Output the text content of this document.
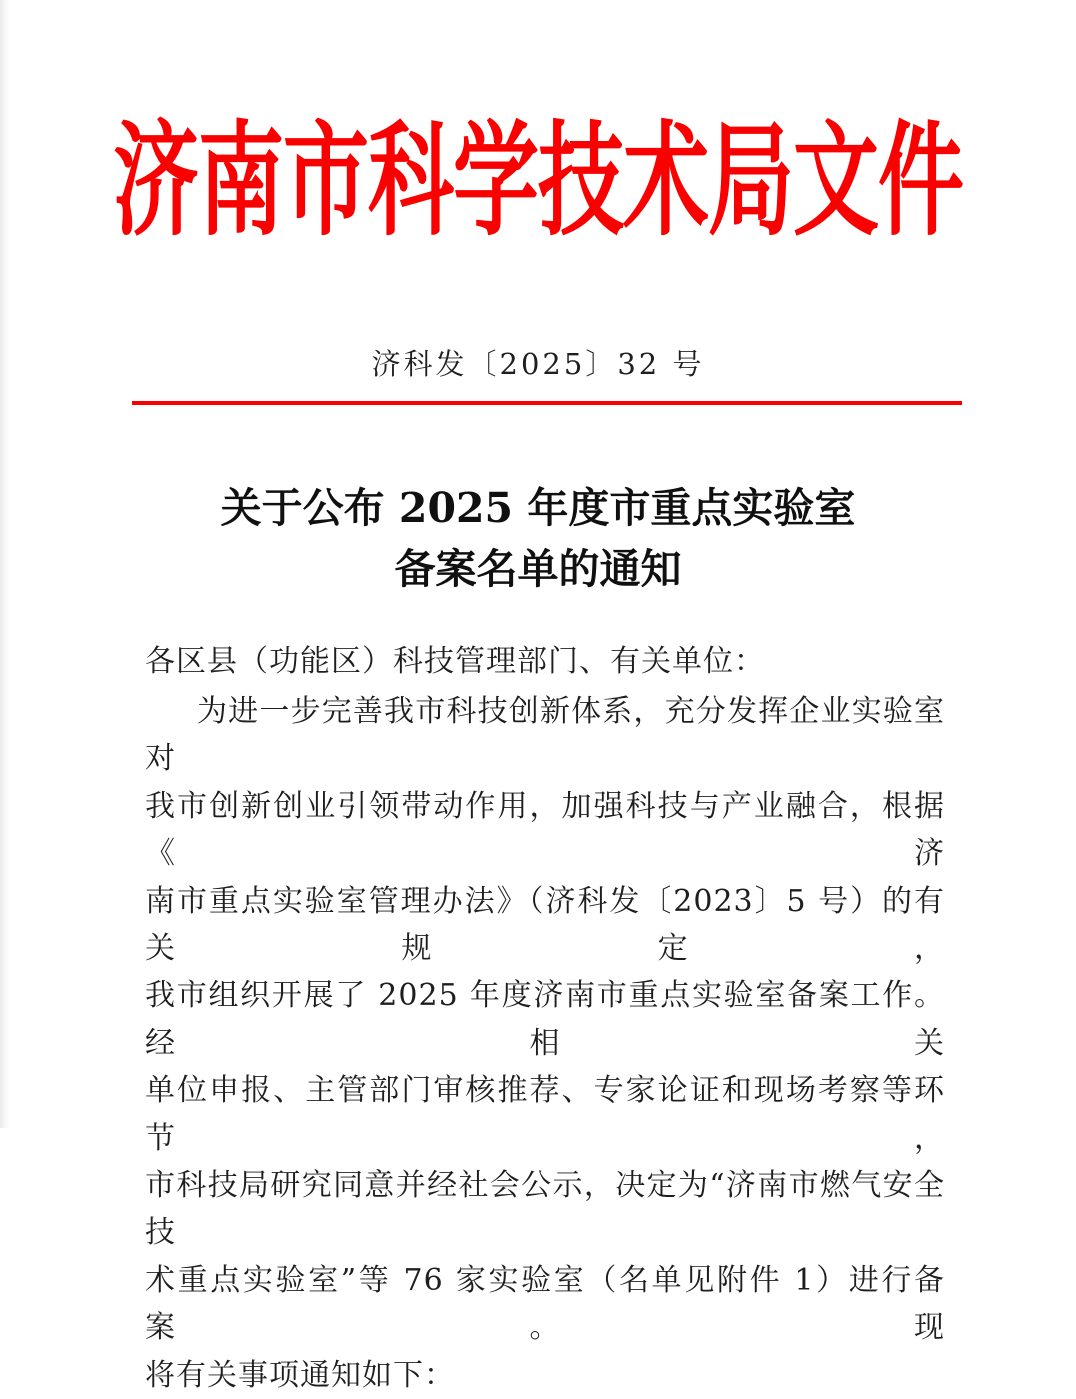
济南市科学技术局文件
济科发〔2025〕32 号
关于公布 2025 年度市重点实验室
备案名单的通知
各区县（功能区）科技管理部门、有关单位：
为进一步完善我市科技创新体系，充分发挥企业实验室对
我市创新创业引领带动作用，加强科技与产业融合，根据《济
南市重点实验室管理办法》（济科发〔2023〕5 号）的有关规定，
我市组织开展了 2025 年度济南市重点实验室备案工作。经相关
单位申报、主管部门审核推荐、专家论证和现场考察等环节，
市科技局研究同意并经社会公示，决定为“济南市燃气安全技
术重点实验室”等 76 家实验室（名单见附件 1）进行备案。现
将有关事项通知如下：
